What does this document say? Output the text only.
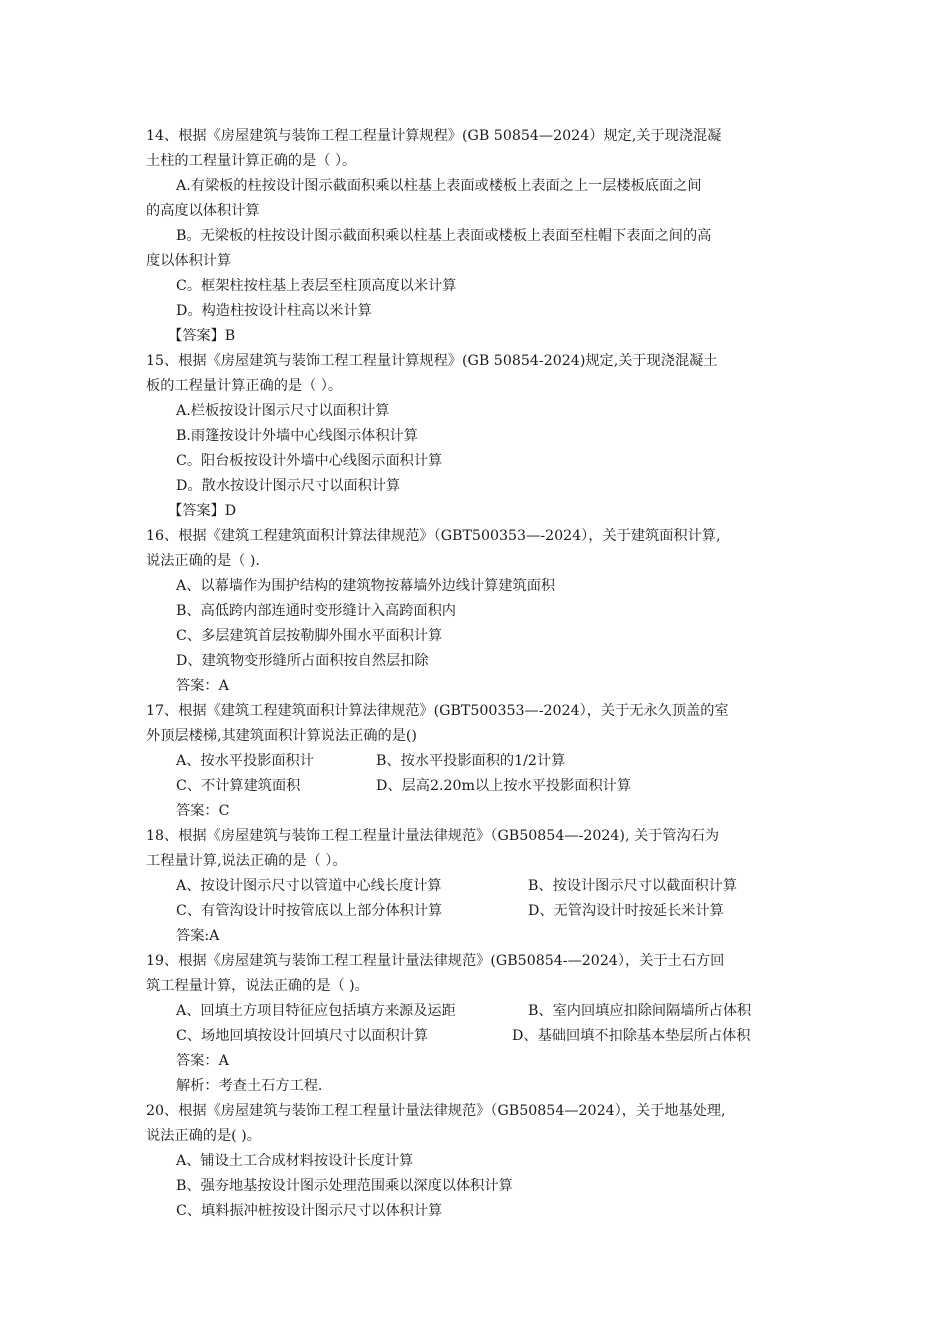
14、根据《房屋建筑与装饰工程工程量计算规程》(GB 50854—2024）规定,关于现浇混凝
土柱的工程量计算正确的是（ ）。
A.有梁板的柱按设计图示截面积乘以柱基上表面或楼板上表面之上一层楼板底面之间
的高度以体积计算
B。无梁板的柱按设计图示截面积乘以柱基上表面或楼板上表面至柱帽下表面之间的高
度以体积计算
C。框架柱按柱基上表层至柱顶高度以米计算
D。构造柱按设计柱高以米计算
【答案】B
15、根据《房屋建筑与装饰工程工程量计算规程》(GB 50854-2024)规定,关于现浇混凝土
板的工程量计算正确的是（ ）。
A.栏板按设计图示尺寸以面积计算
B.雨篷按设计外墙中心线图示体积计算
C。阳台板按设计外墙中心线图示面积计算
D。散水按设计图示尺寸以面积计算
【答案】D
16、根据《建筑工程建筑面积计算法律规范》（GBT500353—-2024），关于建筑面积计算,
说法正确的是（ ).
A、以幕墙作为围护结构的建筑物按幕墙外边线计算建筑面积
B、高低跨内部连通时变形缝计入高跨面积内
C、多层建筑首层按勒脚外围水平面积计算
D、建筑物变形缝所占面积按自然层扣除
答案：A
17、根据《建筑工程建筑面积计算法律规范》(GBT500353—-2024），关于无永久顶盖的室
外顶层楼梯,其建筑面积计算说法正确的是()
A、按水平投影面积计	B、按水平投影面积的1/2计算
C、不计算建筑面积	D、层高2.20m以上按水平投影面积计算
答案：C
18、根据《房屋建筑与装饰工程工程量计量法律规范》（GB50854—-2024), 关于管沟石为
工程量计算,说法正确的是（ ）。
A、按设计图示尺寸以管道中心线长度计算	B、按设计图示尺寸以截面积计算
C、有管沟设计时按管底以上部分体积计算	D、无管沟设计时按延长米计算
答案:A
19、根据《房屋建筑与装饰工程工程量计量法律规范》(GB50854-—2024），关于土石方回
筑工程量计算，说法正确的是（ )。
A、回填土方项目特征应包括填方来源及运距	B、室内回填应扣除间隔墙所占体积
C、场地回填按设计回填尺寸以面积计算	D、基础回填不扣除基本垫层所占体积
答案：A
解析：考查土石方工程.
20、根据《房屋建筑与装饰工程工程量计量法律规范》（GB50854—2024），关于地基处理,
说法正确的是( )。
A、铺设土工合成材料按设计长度计算
B、强夯地基按设计图示处理范围乘以深度以体积计算
C、填料振冲桩按设计图示尺寸以体积计算
